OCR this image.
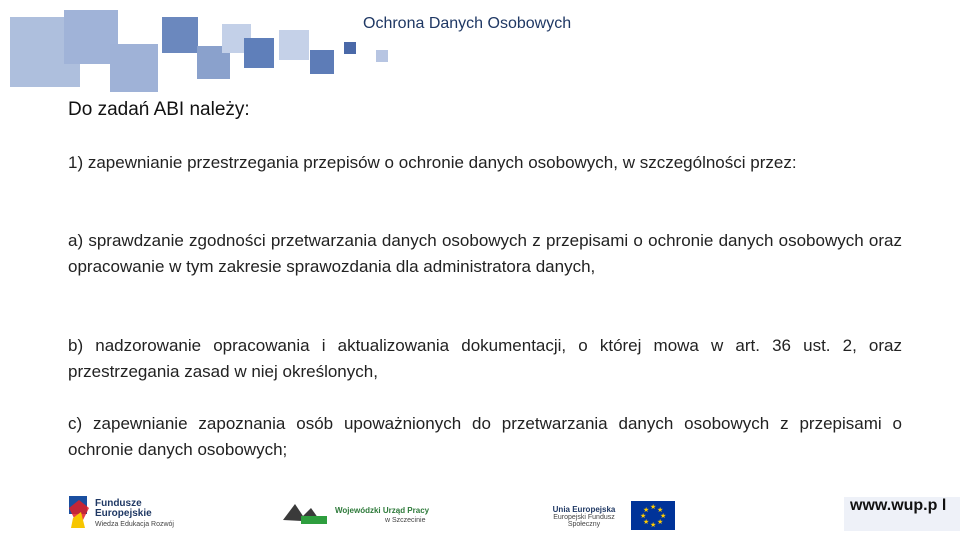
Ochrona Danych Osobowych
Do zadań ABI należy:
1) zapewnianie przestrzegania przepisów o ochronie danych osobowych, w szczególności przez:
a) sprawdzanie zgodności przetwarzania danych osobowych z przepisami o ochronie danych osobowych oraz opracowanie w tym zakresie sprawozdania dla administratora danych,
b) nadzorowanie opracowania i aktualizowania dokumentacji, o której mowa w art. 36 ust. 2, oraz przestrzegania zasad w niej określonych,
c) zapewnianie zapoznania osób upoważnionych do przetwarzania danych osobowych z przepisami o ochronie danych osobowych;
Fundusze
Europejskie
Wiedza Edukacja Rozwój
Wojewódzki Urząd Pracy
w Szczecinie
Unia Europejska
Europejski Fundusz Społeczny
★ ★
★
★
★
★
★
★	www.wup.p l
